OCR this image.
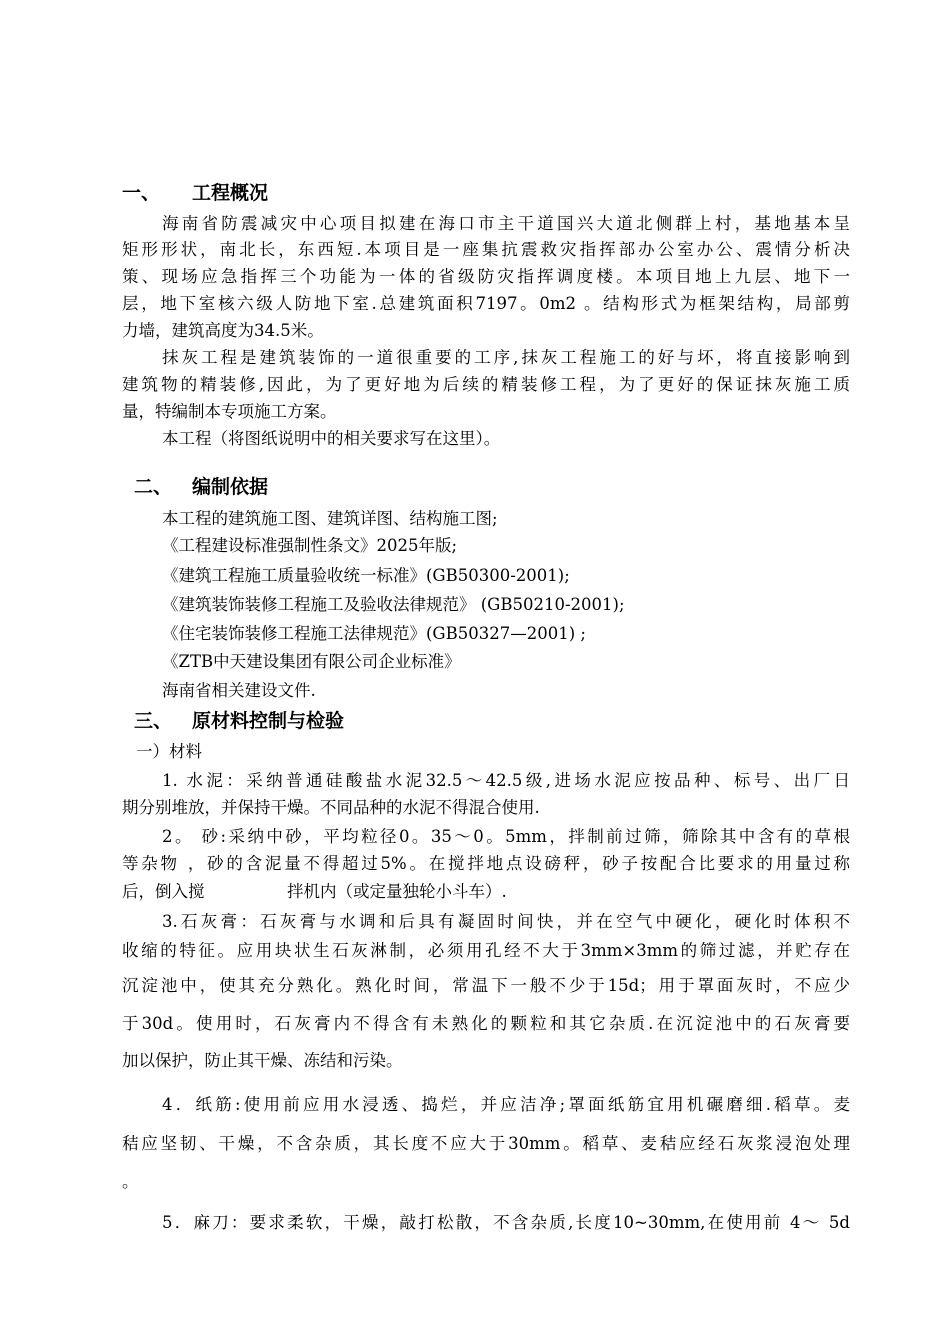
一、 工程概况
海南省防震减灾中心项目拟建在海口市主干道国兴大道北侧群上村，基地基本呈
矩形形状，南北长，东西短.本项目是一座集抗震救灾指挥部办公室办公、震情分析决
策、现场应急指挥三个功能为一体的省级防灾指挥调度楼。本项目地上九层、地下一
层，地下室核六级人防地下室.总建筑面积7197。0m2 。结构形式为框架结构，局部剪
力墙，建筑高度为34.5米。
抹灰工程是建筑装饰的一道很重要的工序,抹灰工程施工的好与坏，将直接影响到
建筑物的精装修,因此，为了更好地为后续的精装修工程，为了更好的保证抹灰施工质
量，特编制本专项施工方案。
本工程（将图纸说明中的相关要求写在这里）。
二、 编制依据
本工程的建筑施工图、建筑详图、结构施工图;
《工程建设标准强制性条文》2025年版;
《建筑工程施工质量验收统一标准》(GB50300-2001);
《建筑装饰装修工程施工及验收法律规范》 (GB50210-2001);
《住宅装饰装修工程施工法律规范》(GB50327—2001) ;
《ZTB中天建设集团有限公司企业标准》
海南省相关建设文件.
三、 原材料控制与检验
一）材料
1. 水泥：采纳普通硅酸盐水泥32.5～42.5级,进场水泥应按品种、标号、出厂日
期分别堆放，并保持干燥。不同品种的水泥不得混合使用.
2。 砂:采纳中砂，平均粒径0。35～0。5mm，拌制前过筛，筛除其中含有的草根
等杂物 ，砂的含泥量不得超过5%。在搅拌地点设磅秤，砂子按配合比要求的用量过称
后，倒入搅	拌机内（或定量独轮小斗车）.
3.石灰膏：石灰膏与水调和后具有凝固时间快，并在空气中硬化，硬化时体积不
收缩的特征。应用块状生石灰淋制，必须用孔经不大于3mm×3mm的筛过滤，并贮存在
沉淀池中，使其充分熟化。熟化时间，常温下一般不少于15d；用于罩面灰时，不应少
于30d。使用时，石灰膏内不得含有未熟化的颗粒和其它杂质.在沉淀池中的石灰膏要
加以保护，防止其干燥、冻结和污染。
4．纸筋:使用前应用水浸透、捣烂，并应洁净;罩面纸筋宜用机碾磨细.稻草。麦
秸应坚韧、干燥，不含杂质，其长度不应大于30mm。稻草、麦秸应经石灰浆浸泡处理
。
5．麻刀：要求柔软，干燥，敲打松散，不含杂质,长度10~30mm,在使用前 4～ 5d
